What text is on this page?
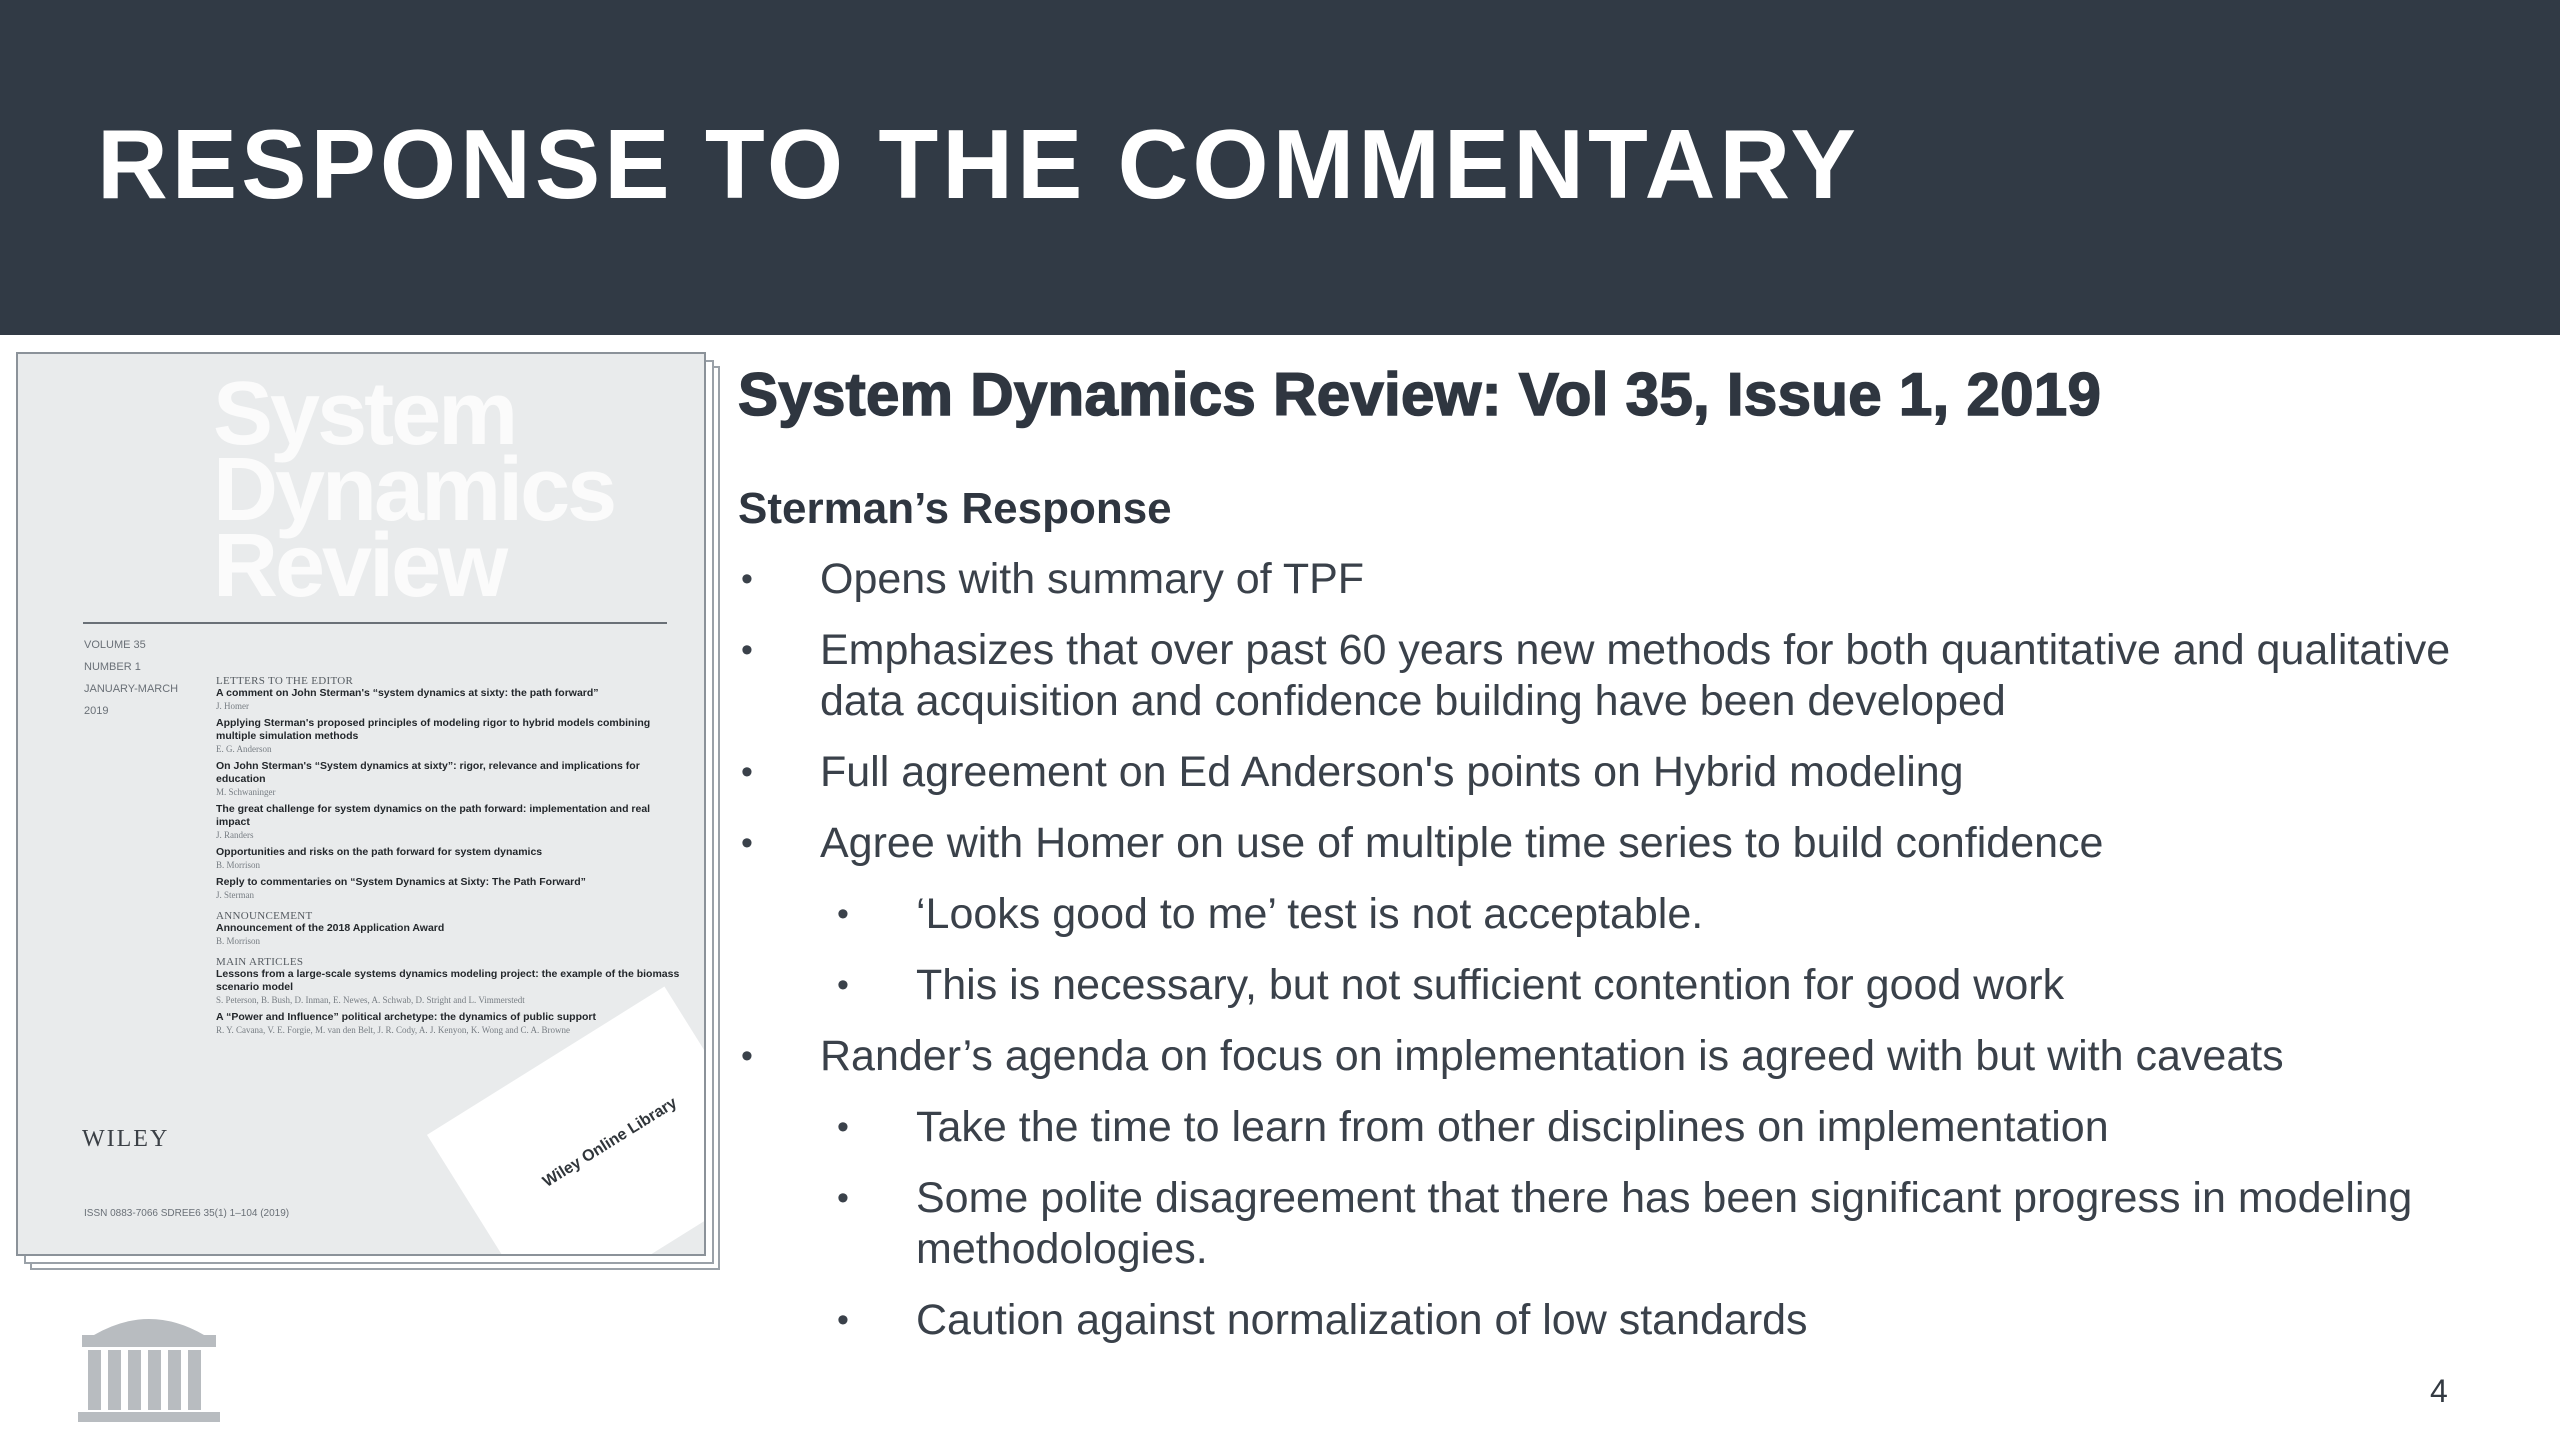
RESPONSE TO THE COMMENTARY
System
Dynamics
Review
VOLUME 35
NUMBER 1
JANUARY-MARCH
2019
LETTERS TO THE EDITOR
A comment on John Sterman's “system dynamics at sixty: the path forward”
J. Homer
Applying Sterman's proposed principles of modeling rigor to hybrid models combining multiple simulation methods
E. G. Anderson
On John Sterman's “System dynamics at sixty”: rigor, relevance and implications for education
M. Schwaninger
The great challenge for system dynamics on the path forward: implementation and real impact
J. Randers
Opportunities and risks on the path forward for system dynamics
B. Morrison
Reply to commentaries on “System Dynamics at Sixty: The Path Forward”
J. Sterman
ANNOUNCEMENT
Announcement of the 2018 Application Award
B. Morrison
MAIN ARTICLES
Lessons from a large-scale systems dynamics modeling project: the example of the biomass scenario model
S. Peterson, B. Bush, D. Inman, E. Newes, A. Schwab, D. Stright and L. Vimmerstedt
A “Power and Influence” political archetype: the dynamics of public support
R. Y. Cavana, V. E. Forgie, M. van den Belt, J. R. Cody, A. J. Kenyon, K. Wong and C. A. Browne

WILEY

ISSN 0883-7066 SDREE6 35(1) 1–104 (2019)

Wiley Online Library

System Dynamics Review: Vol 35, Issue 1, 2019
Sterman’s Response
• Opens with summary of TPF
• Emphasizes that over past 60 years new methods for both quantitative and qualitative data acquisition and confidence building have been developed
• Full agreement on Ed Anderson's points on Hybrid modeling
• Agree with Homer on use of multiple time series to build confidence
• ‘Looks good to me’ test is not acceptable.
• This is necessary, but not sufficient contention for good work
• Rander’s agenda on focus on implementation is agreed with but with caveats
• Take the time to learn from other disciplines on implementation
• Some polite disagreement that there has been significant progress in modeling methodologies.
• Caution against normalization of low standards

4
